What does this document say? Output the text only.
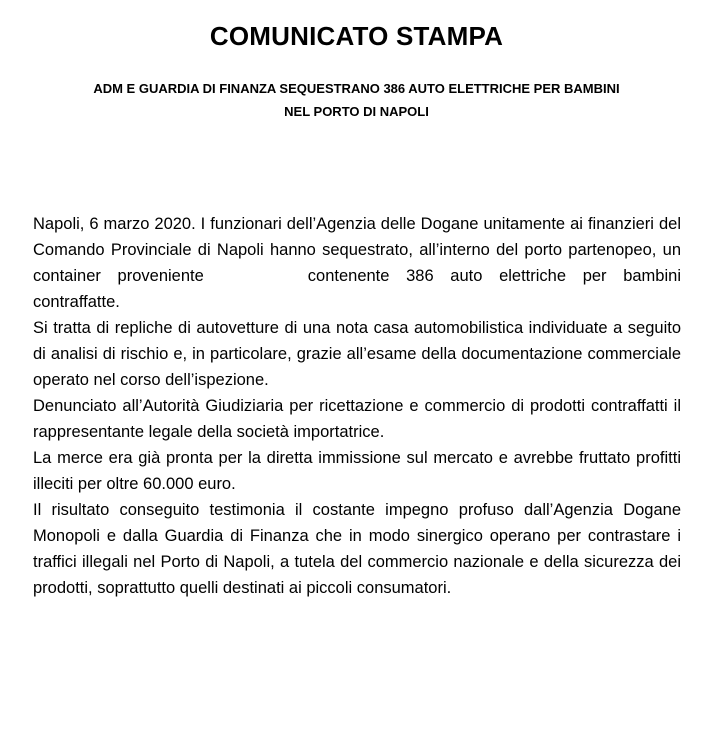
COMUNICATO STAMPA
ADM E GUARDIA DI FINANZA SEQUESTRANO 386 AUTO ELETTRICHE PER BAMBINI
NEL PORTO DI NAPOLI

Napoli, 6 marzo 2020. I funzionari dell’Agenzia delle Dogane unitamente ai finanzieri del Comando Provinciale di Napoli hanno sequestrato, all’interno del porto partenopeo, un container proveniente	contenente 386 auto elettriche per bambini contraffatte.

Si tratta di repliche di autovetture di una nota casa automobilistica individuate a seguito di analisi di rischio e, in particolare, grazie all’esame della documentazione commerciale operato nel corso dell’ispezione.

Denunciato all’Autorità Giudiziaria per ricettazione e commercio di prodotti contraffatti il rappresentante legale della società importatrice.

La merce era già pronta per la diretta immissione sul mercato e avrebbe fruttato profitti illeciti per oltre 60.000 euro.

Il risultato conseguito testimonia il costante impegno profuso dall’Agenzia Dogane Monopoli e dalla Guardia di Finanza che in modo sinergico operano per contrastare i traffici illegali nel Porto di Napoli, a tutela del commercio nazionale e della sicurezza dei prodotti, soprattutto quelli destinati ai piccoli consumatori.
